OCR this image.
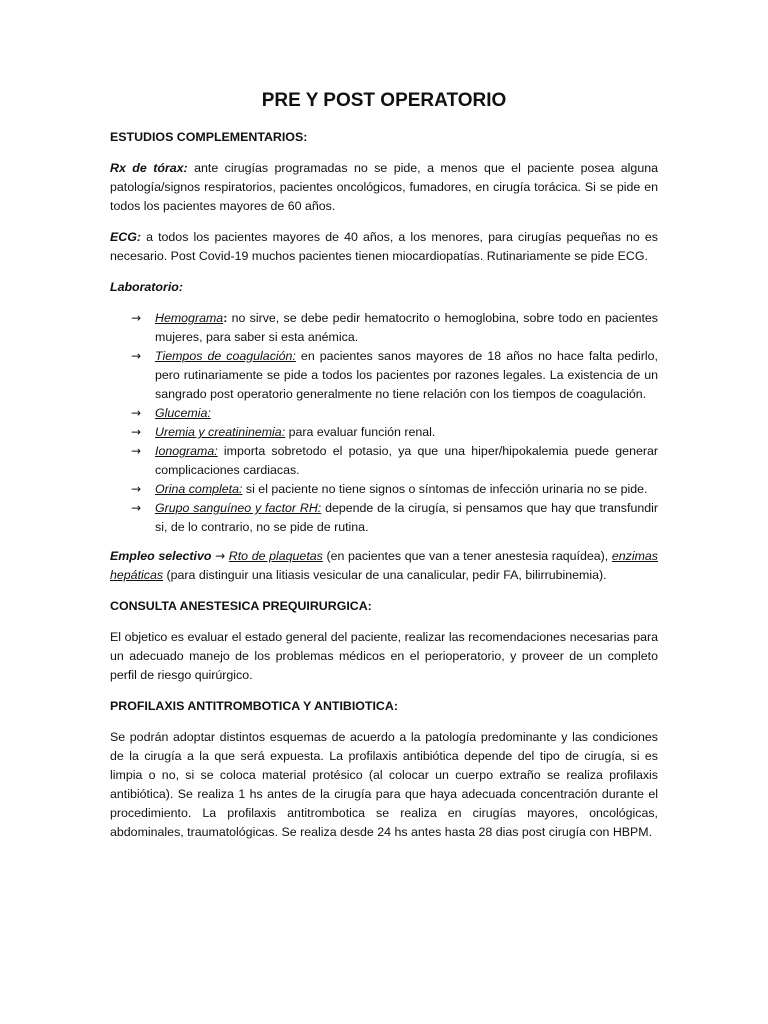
PRE Y POST OPERATORIO
ESTUDIOS COMPLEMENTARIOS:

Rx de tórax: ante cirugías programadas no se pide, a menos que el paciente posea alguna patología/signos respiratorios, pacientes oncológicos, fumadores, en cirugía torácica. Si se pide en todos los pacientes mayores de 60 años.

ECG: a todos los pacientes mayores de 40 años, a los menores, para cirugías pequeñas no es necesario. Post Covid-19 muchos pacientes tienen miocardiopatías. Rutinariamente se pide ECG.

Laboratorio:

→ Hemograma: no sirve, se debe pedir hematocrito o hemoglobina, sobre todo en pacientes mujeres, para saber si esta anémica.
→ Tiempos de coagulación: en pacientes sanos mayores de 18 años no hace falta pedirlo, pero rutinariamente se pide a todos los pacientes por razones legales. La existencia de un sangrado post operatorio generalmente no tiene relación con los tiempos de coagulación.
→ Glucemia:
→ Uremia y creatininemia: para evaluar función renal.
→ Ionograma: importa sobretodo el potasio, ya que una hiper/hipokalemia puede generar complicaciones cardiacas.
→ Orina completa: si el paciente no tiene signos o síntomas de infección urinaria no se pide.
→ Grupo sanguíneo y factor RH: depende de la cirugía, si pensamos que hay que transfundir si, de lo contrario, no se pide de rutina.

Empleo selectivo → Rto de plaquetas (en pacientes que van a tener anestesia raquídea), enzimas hepáticas (para distinguir una litiasis vesicular de una canalicular, pedir FA, bilirrubinemia).

CONSULTA ANESTESICA PREQUIRURGICA:

El objetico es evaluar el estado general del paciente, realizar las recomendaciones necesarias para un adecuado manejo de los problemas médicos en el perioperatorio, y proveer de un completo perfil de riesgo quirúrgico.

PROFILAXIS ANTITROMBOTICA Y ANTIBIOTICA:

Se podrán adoptar distintos esquemas de acuerdo a la patología predominante y las condiciones de la cirugía a la que será expuesta. La profilaxis antibiótica depende del tipo de cirugía, si es limpia o no, si se coloca material protésico (al colocar un cuerpo extraño se realiza profilaxis antibiótica). Se realiza 1 hs antes de la cirugía para que haya adecuada concentración durante el procedimiento. La profilaxis antitrombotica se realiza en cirugías mayores, oncológicas, abdominales, traumatológicas. Se realiza desde 24 hs antes hasta 28 dias post cirugía con HBPM.
